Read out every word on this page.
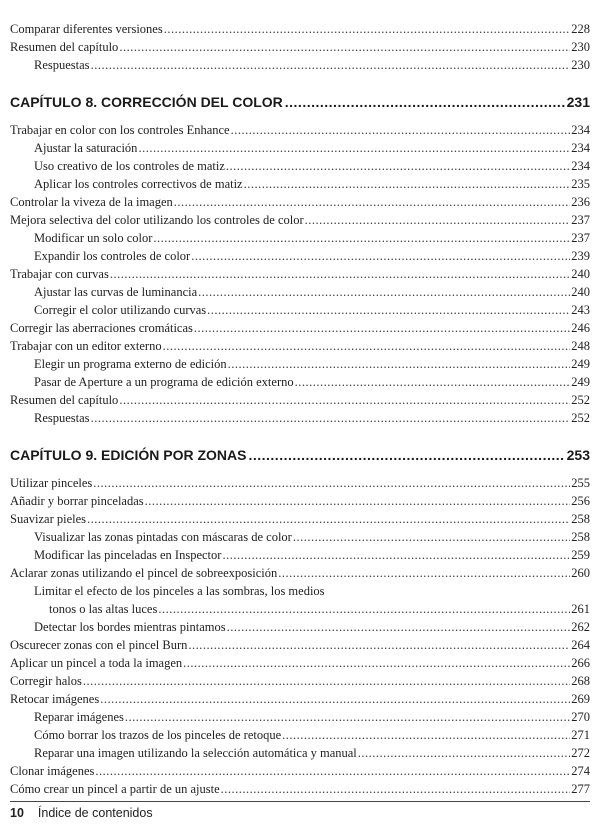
Comparar diferentes versiones .....	228
Resumen del capítulo .....	230
Respuestas .....	230
CAPÍTULO 8. CORRECCIÓN DEL COLOR .....	231
Trabajar en color con los controles Enhance .....	234
Ajustar la saturación .....	234
Uso creativo de los controles de matiz .....	234
Aplicar los controles correctivos de matiz .....	235
Controlar la viveza de la imagen .....	236
Mejora selectiva del color utilizando los controles de color .....	237
Modificar un solo color .....	237
Expandir los controles de color .....	239
Trabajar con curvas .....	240
Ajustar las curvas de luminancia .....	240
Corregir el color utilizando curvas .....	243
Corregir las aberraciones cromáticas .....	246
Trabajar con un editor externo .....	248
Elegir un programa externo de edición .....	249
Pasar de Aperture a un programa de edición externo .....	249
Resumen del capítulo .....	252
Respuestas .....	252
CAPÍTULO 9. EDICIÓN POR ZONAS .....	253
Utilizar pinceles .....	255
Añadir y borrar pinceladas .....	256
Suavizar pieles .....	258
Visualizar las zonas pintadas con máscaras de color .....	258
Modificar las pinceladas en Inspector .....	259
Aclarar zonas utilizando el pincel de sobreexposición .....	260
Limitar el efecto de los pinceles a las sombras, los medios
tonos o las altas luces .....	261
Detectar los bordes mientras pintamos .....	262
Oscurecer zonas con el pincel Burn .....	264
Aplicar un pincel a toda la imagen .....	266
Corregir halos .....	268
Retocar imágenes .....	269
Reparar imágenes .....	270
Cómo borrar los trazos de los pinceles de retoque .....	271
Reparar una imagen utilizando la selección automática y manual .....	272
Clonar imágenes .....	274
Cómo crear un pincel a partir de un ajuste .....	277
10 Índice de contenidos
